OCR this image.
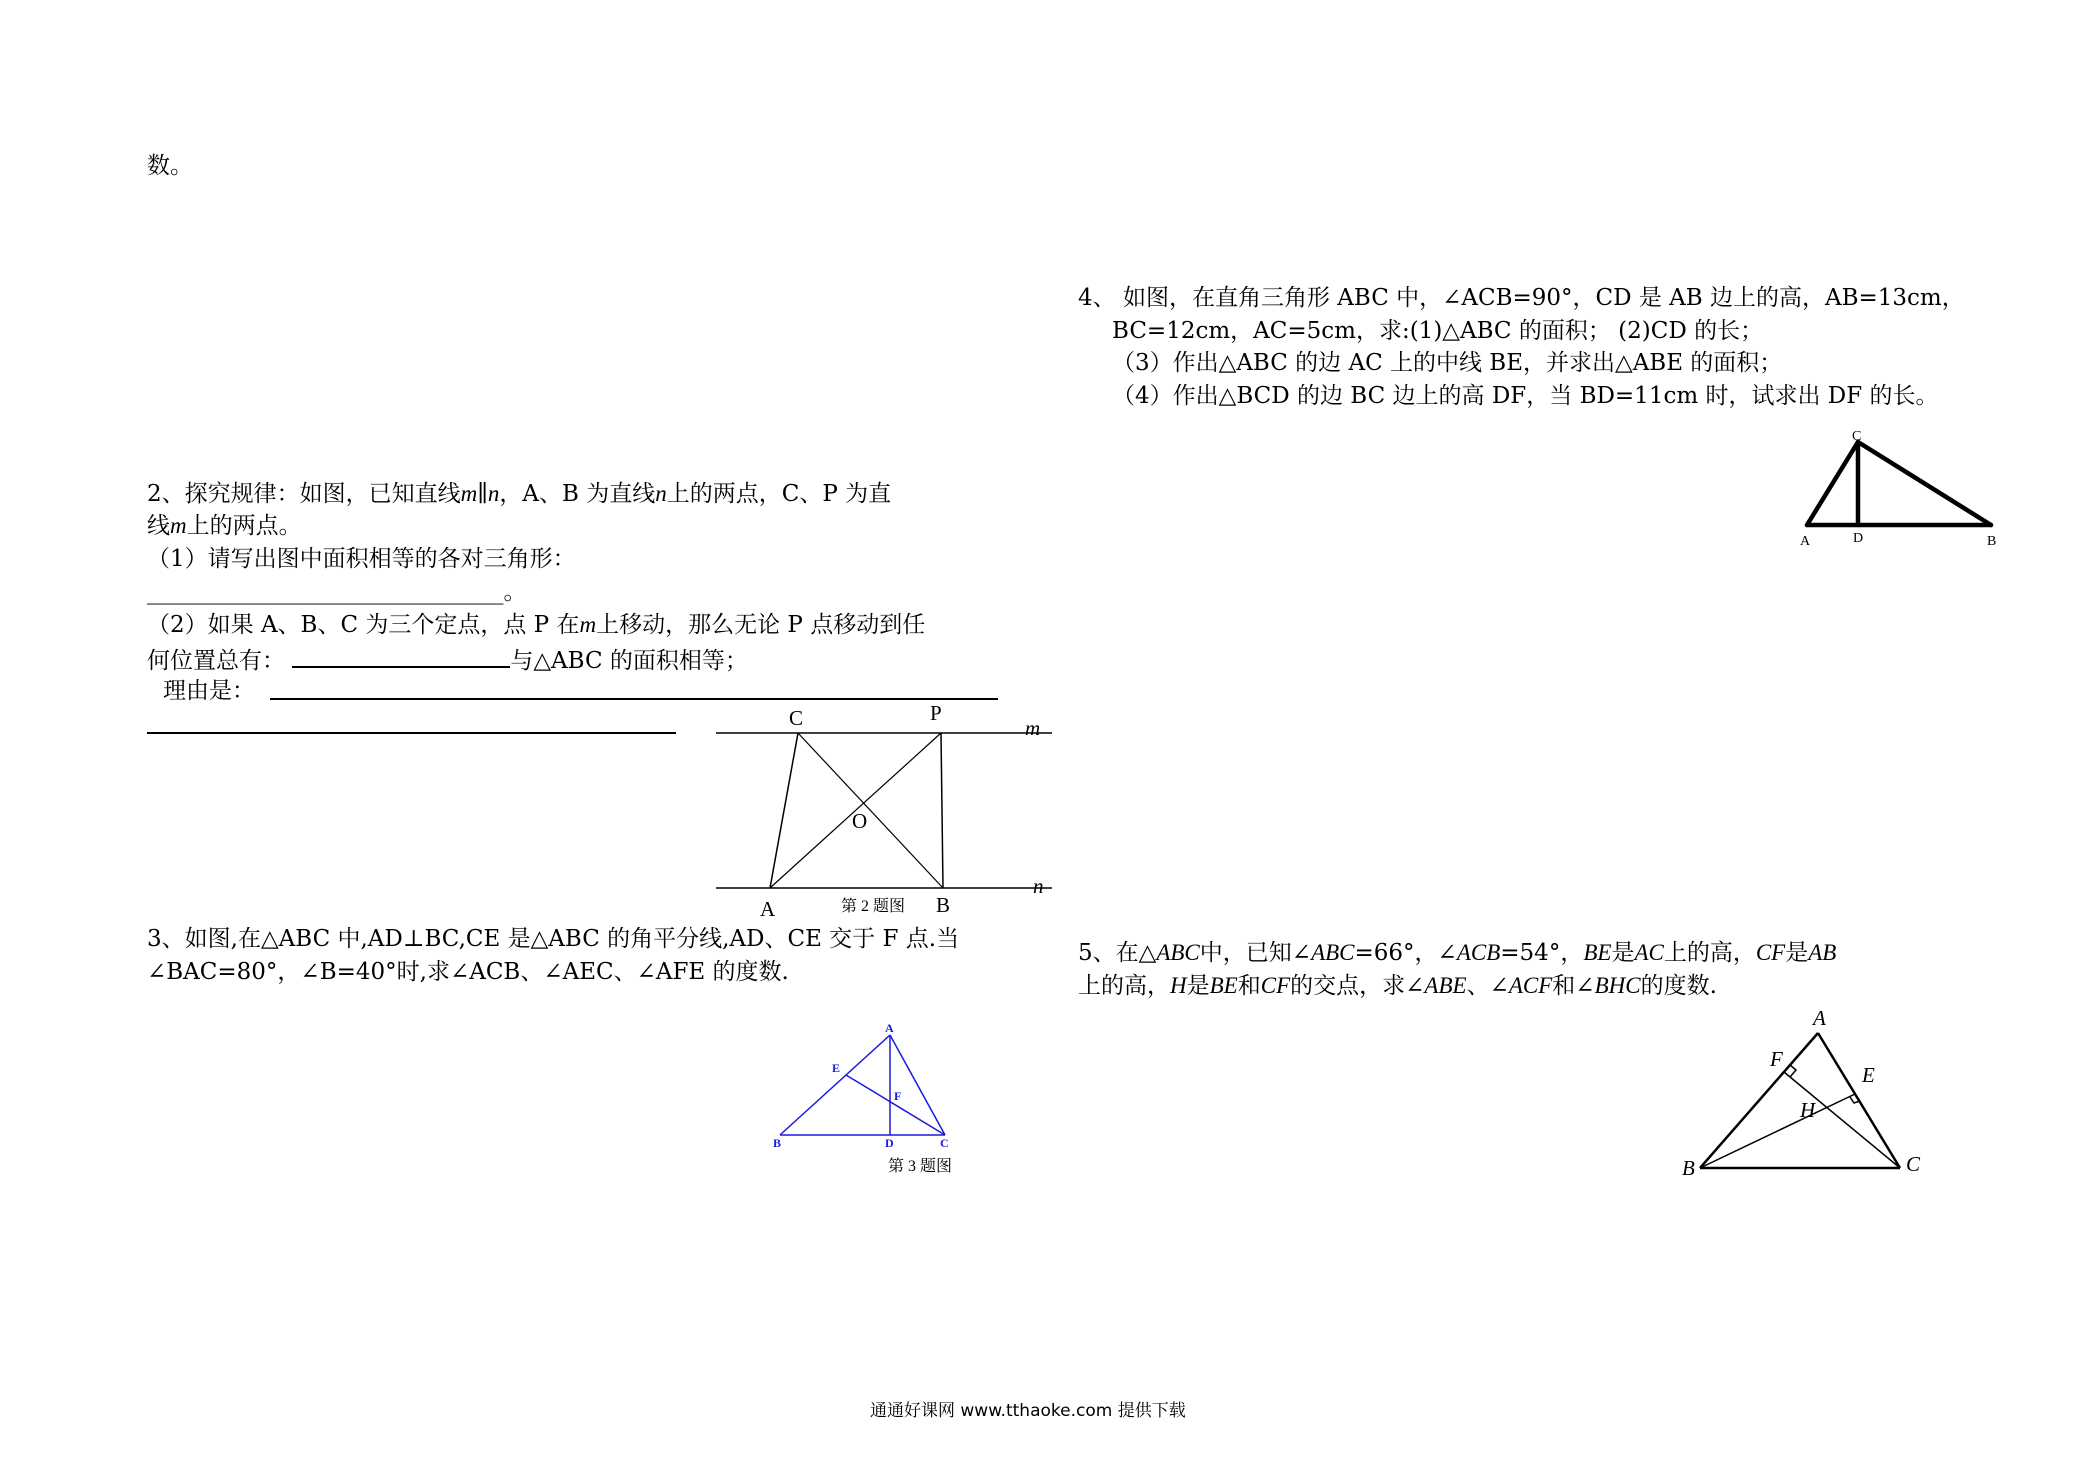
数。
2、探究规律：如图，已知直线m∥n，A、B 为直线n上的两点，C、P 为直
线m上的两点。
（1）请写出图中面积相等的各对三角形：
_______________________________。
（2）如果 A、B、C 为三个定点，点 P 在m上移动，那么无论 P 点移动到任
何位置总有：	与△ABC 的面积相等；
理由是：
C	P
m
O
n
A	B
第 2 题图
3、如图,在△ABC 中,AD⊥BC,CE 是△ABC 的角平分线,AD、CE 交于 F 点.当
∠BAC=80°，∠B=40°时,求∠ACB、∠AEC、∠AFE 的度数.
A
E
F
B	D	C
第 3 题图
4、 如图，在直角三角形 ABC 中，∠ACB=90°，CD 是 AB 边上的高，AB=13cm，
BC=12cm，AC=5cm，求:(1)△ABC 的面积； (2)CD 的长；
（3）作出△ABC 的边 AC 上的中线 BE，并求出△ABE 的面积；
（4）作出△BCD 的边 BC 边上的高 DF，当 BD=11cm 时，试求出 DF 的长。
C
A	D	B
5、在△ABC中，已知∠ABC=66°，∠ACB=54°，BE是AC上的高，CF是AB
上的高，H是BE和CF的交点，求∠ABE、∠ACF和∠BHC的度数.
A
F
E
H
B	C
通通好课网 www.tthaoke.com 提供下载
